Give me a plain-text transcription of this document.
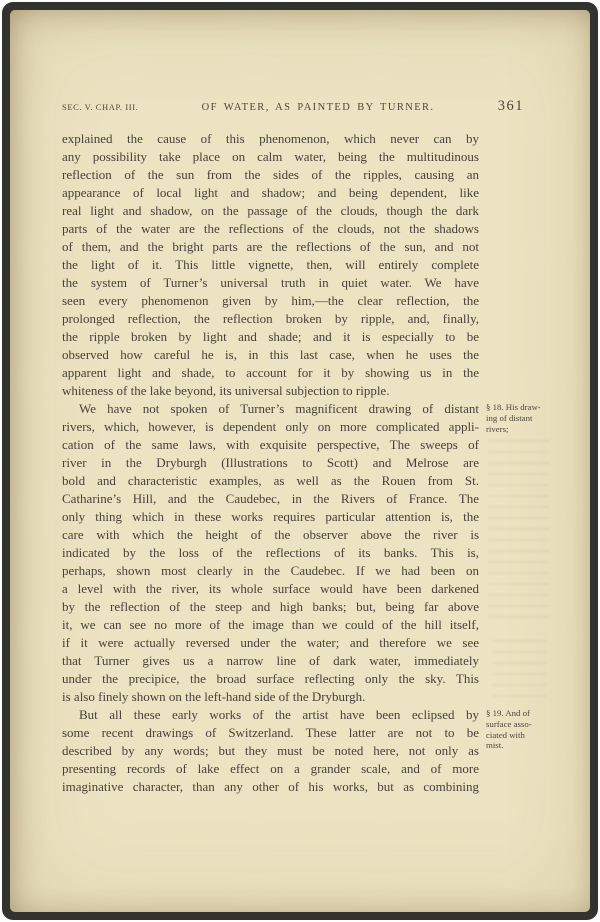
SEC. V. CHAP. III.	OF WATER, AS PAINTED BY TURNER.	361
explained the cause of this phenomenon, which never can by
any possibility take place on calm water, being the multitudinous
reflection of the sun from the sides of the ripples, causing an
appearance of local light and shadow; and being dependent, like
real light and shadow, on the passage of the clouds, though the dark
parts of the water are the reflections of the clouds, not the shadows
of them, and the bright parts are the reflections of the sun, and not
the light of it. This little vignette, then, will entirely complete
the system of Turner’s universal truth in quiet water. We have
seen every phenomenon given by him,—the clear reflection, the
prolonged reflection, the reflection broken by ripple, and, finally,
the ripple broken by light and shade; and it is especially to be
observed how careful he is, in this last case, when he uses the
apparent light and shade, to account for it by showing us in the
whiteness of the lake beyond, its universal subjection to ripple.
§ 18. His draw-
ing of distant
rivers;
We have not spoken of Turner’s magnificent drawing of distant
rivers, which, however, is dependent only on more complicated appli-
cation of the same laws, with exquisite perspective, The sweeps of
river in the Dryburgh (Illustrations to Scott) and Melrose are
bold and characteristic examples, as well as the Rouen from St.
Catharine’s Hill, and the Caudebec, in the Rivers of France. The
only thing which in these works requires particular attention is, the
care with which the height of the observer above the river is
indicated by the loss of the reflections of its banks. This is,
perhaps, shown most clearly in the Caudebec. If we had been on
a level with the river, its whole surface would have been darkened
by the reflection of the steep and high banks; but, being far above
it, we can see no more of the image than we could of the hill itself,
if it were actually reversed under the water; and therefore we see
that Turner gives us a narrow line of dark water, immediately
under the precipice, the broad surface reflecting only the sky. This
is also finely shown on the left-hand side of the Dryburgh.
§ 19. And of
surface asso-
ciated with
mist.
But all these early works of the artist have been eclipsed by
some recent drawings of Switzerland. These latter are not to be
described by any words; but they must be noted here, not only as
presenting records of lake effect on a grander scale, and of more
imaginative character, than any other of his works, but as combining
